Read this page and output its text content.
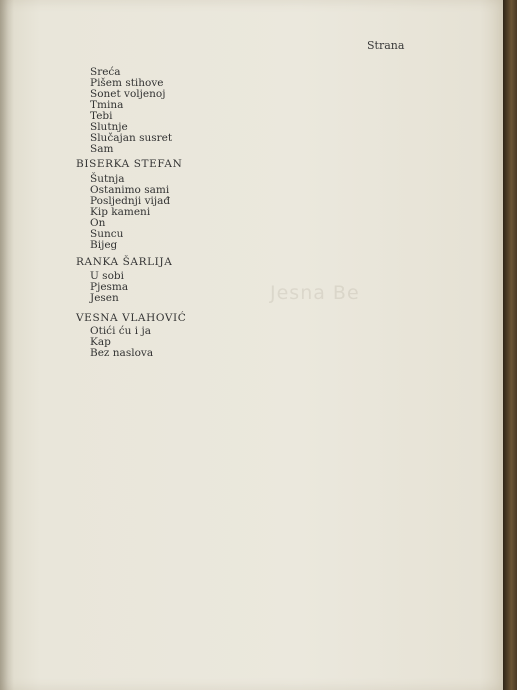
Jesna Be
Strana
Sreća
Pišem stihove
Sonet voljenoj
Tmina
Tebi
Slutnje
Slučajan susret
Sam
BISERKA STEFAN
Šutnja
Ostanimo sami
Posljednji vijađ
Kip kameni
On
Suncu
Bijeg
RANKA ŠARLIJA
U sobi
Pjesma
Jesen
VESNA VLAHOVIĆ
Otići ću i ja
Kap
Bez naslova
